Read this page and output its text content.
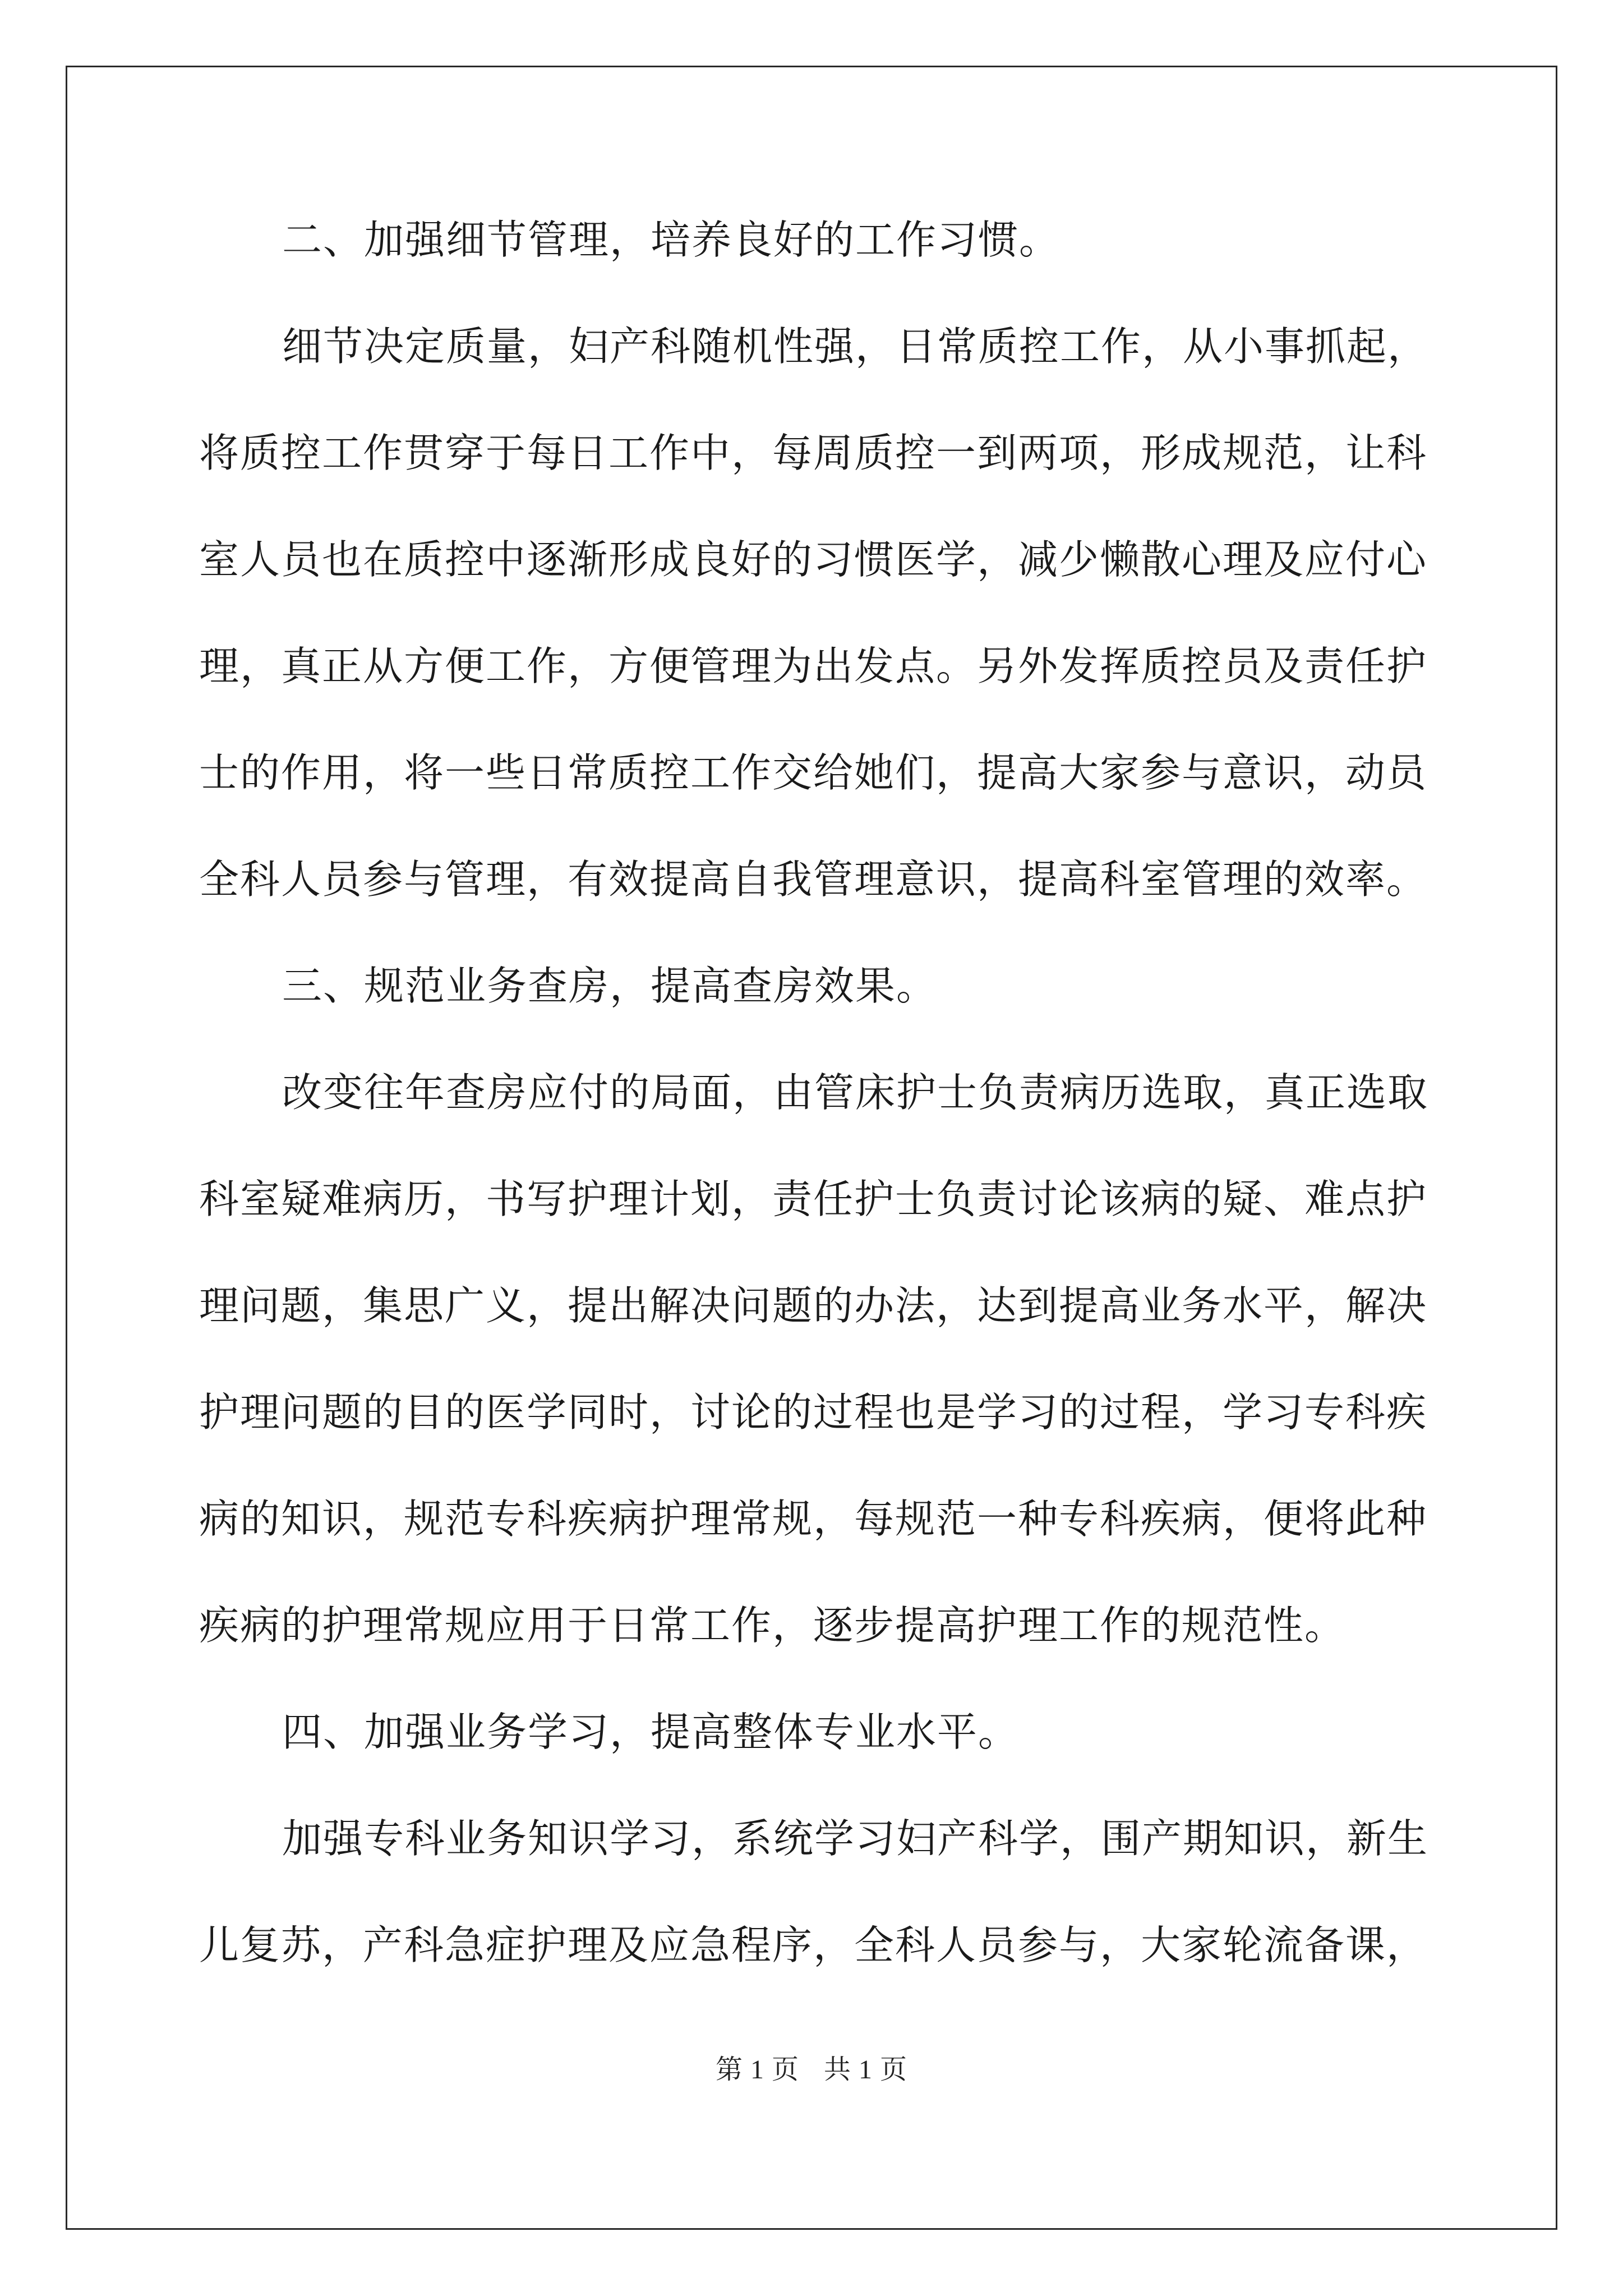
二、加强细节管理，培养良好的工作习惯。
细节决定质量，妇产科随机性强，日常质控工作，从小事抓起，
将质控工作贯穿于每日工作中，每周质控一到两项，形成规范，让科
室人员也在质控中逐渐形成良好的习惯医学，减少懒散心理及应付心
理，真正从方便工作，方便管理为出发点。另外发挥质控员及责任护
士的作用，将一些日常质控工作交给她们，提高大家参与意识，动员
全科人员参与管理，有效提高自我管理意识，提高科室管理的效率。
三、规范业务查房，提高查房效果。
改变往年查房应付的局面，由管床护士负责病历选取，真正选取
科室疑难病历，书写护理计划，责任护士负责讨论该病的疑、难点护
理问题，集思广义，提出解决问题的办法，达到提高业务水平，解决
护理问题的目的医学同时，讨论的过程也是学习的过程，学习专科疾
病的知识，规范专科疾病护理常规，每规范一种专科疾病，便将此种
疾病的护理常规应用于日常工作，逐步提高护理工作的规范性。
四、加强业务学习，提高整体专业水平。
加强专科业务知识学习，系统学习妇产科学，围产期知识，新生
儿复苏，产科急症护理及应急程序，全科人员参与，大家轮流备课，
第 1 页 共 1 页
